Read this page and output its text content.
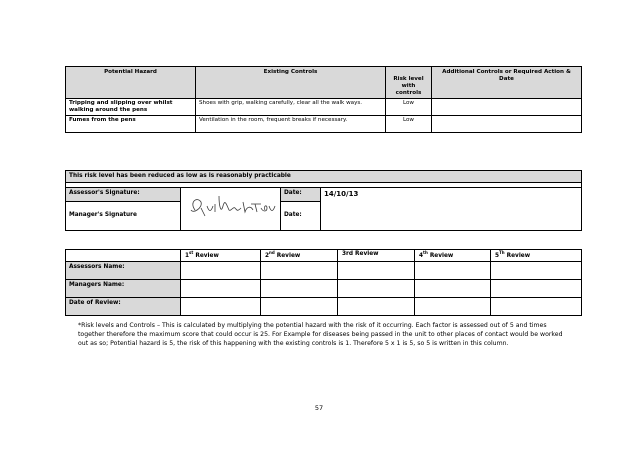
Potential Hazard	Existing Controls	Risk level with controls	Additional Controls or Required Action & Date
Tripping and slipping over whilst walking around the pens	Shoes with grip, walking carefully, clear all the walk ways.	Low	
Fumes from the pens	Ventilation in the room, frequent breaks if necessary.	Low	
This risk level has been reduced as low as is reasonably practicable			

Assessor's Signature:		Date:	14/10/13
Manager's Signature		Date:	
	1st Review	2nd Review	3rd Review	4th Review	5Th Review
Assessors Name:					
Managers Name:					
Date of Review:					
*Risk levels and Controls – This is calculated by multiplying the potential hazard with the risk of it occurring. Each factor is assessed out of 5 and times together therefore the maximum score that could occur is 25. For Example for diseases being passed in the unit to other places of contact would be worked out as so; Potential hazard is 5, the risk of this happening with the existing controls is 1. Therefore 5 x 1 is 5, so 5 is written in this column.
57
